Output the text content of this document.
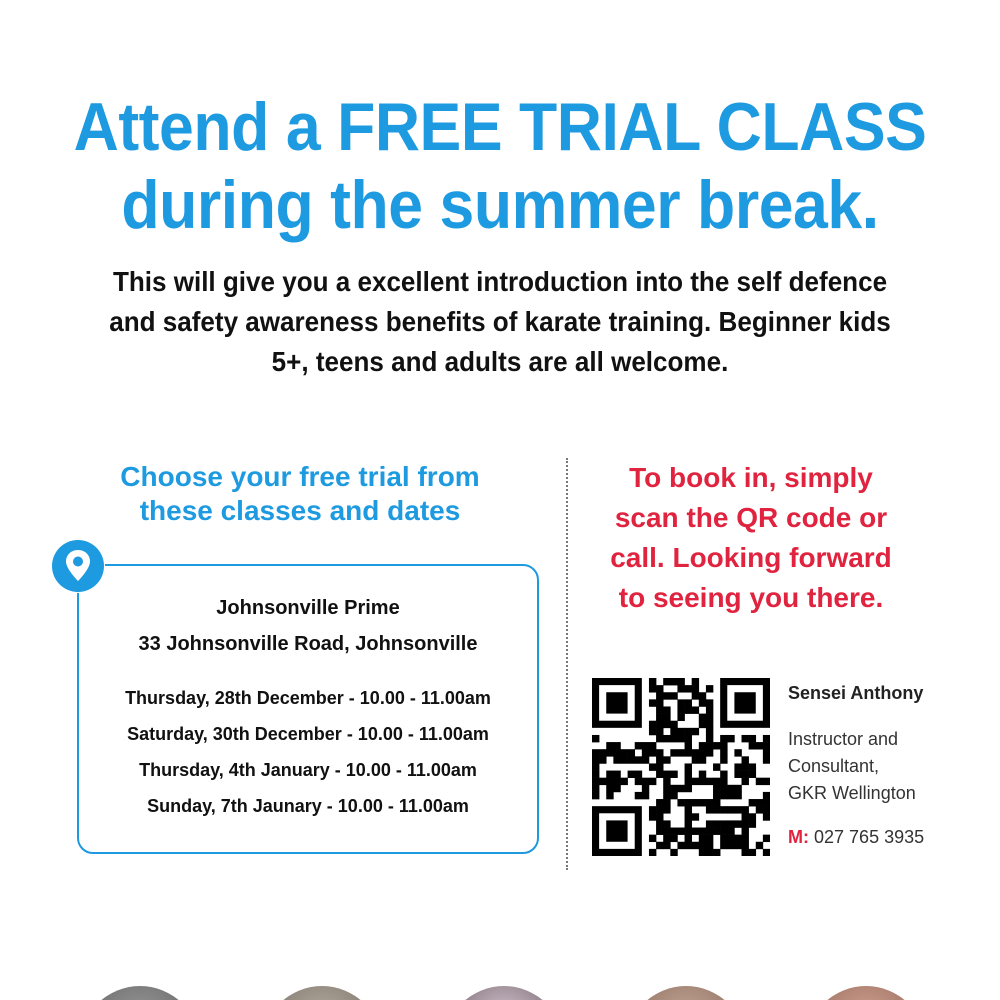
Attend a FREE TRIAL CLASS
during the summer break.
This will give you a excellent introduction into the self defence
and safety awareness benefits of karate training. Beginner kids
5+, teens and adults are all welcome.
Choose your free trial from
these classes and dates
Johnsonville Prime
33 Johnsonville Road, Johnsonville
Thursday, 28th December - 10.00 - 11.00am
Saturday, 30th December - 10.00 - 11.00am
Thursday, 4th January - 10.00 - 11.00am
Sunday, 7th Jaunary - 10.00 - 11.00am
To book in, simply
scan the QR code or
call. Looking forward
to seeing you there.
Sensei Anthony
Instructor and
Consultant,
GKR Wellington
M: 027 765 3935
